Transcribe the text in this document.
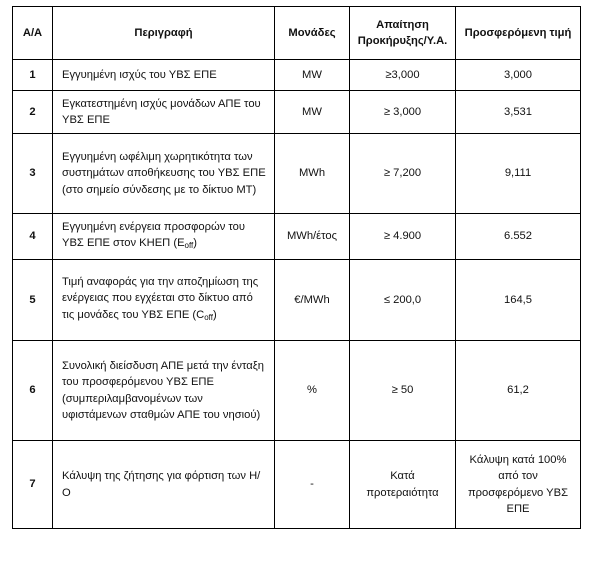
Α/Α	Περιγραφή	Μονάδες	Απαίτηση Προκήρυξης/Υ.Α.	Προσφερόμενη τιμή
1	Εγγυημένη ισχύς του ΥΒΣ ΕΠΕ	MW	≥3,000	3,000
2	Εγκατεστημένη ισχύς μονάδων ΑΠΕ του ΥΒΣ ΕΠΕ	MW	≥ 3,000	3,531
3	Εγγυημένη ωφέλιμη χωρητικότητα των συστημάτων αποθήκευσης του ΥΒΣ ΕΠΕ (στο σημείο σύνδεσης με το δίκτυο ΜΤ)	MWh	≥ 7,200	9,111
4	Εγγυημένη ενέργεια προσφορών του ΥΒΣ ΕΠΕ στον ΚΗΕΠ $(E_{off})$	MWh/έτος	≥ 4.900	6.552
5	Τιμή αναφοράς για την αποζημίωση της ενέργειας που εγχέεται στο δίκτυο από τις μονάδες του ΥΒΣ ΕΠΕ $(C_{off})$	€/MWh	≤ 200,0	164,5
6	Συνολική διείσδυση ΑΠΕ μετά την ένταξη του προσφερόμενου ΥΒΣ ΕΠΕ (συμπεριλαμβανομένων των υφιστάμενων σταθμών ΑΠΕ του νησιού)	%	≥ 50	61,2
7	Κάλυψη της ζήτησης για φόρτιση των Η/Ο	-	Κατά προτεραιότητα	Κάλυψη κατά 100% από τον προσφερόμενο ΥΒΣ ΕΠΕ
